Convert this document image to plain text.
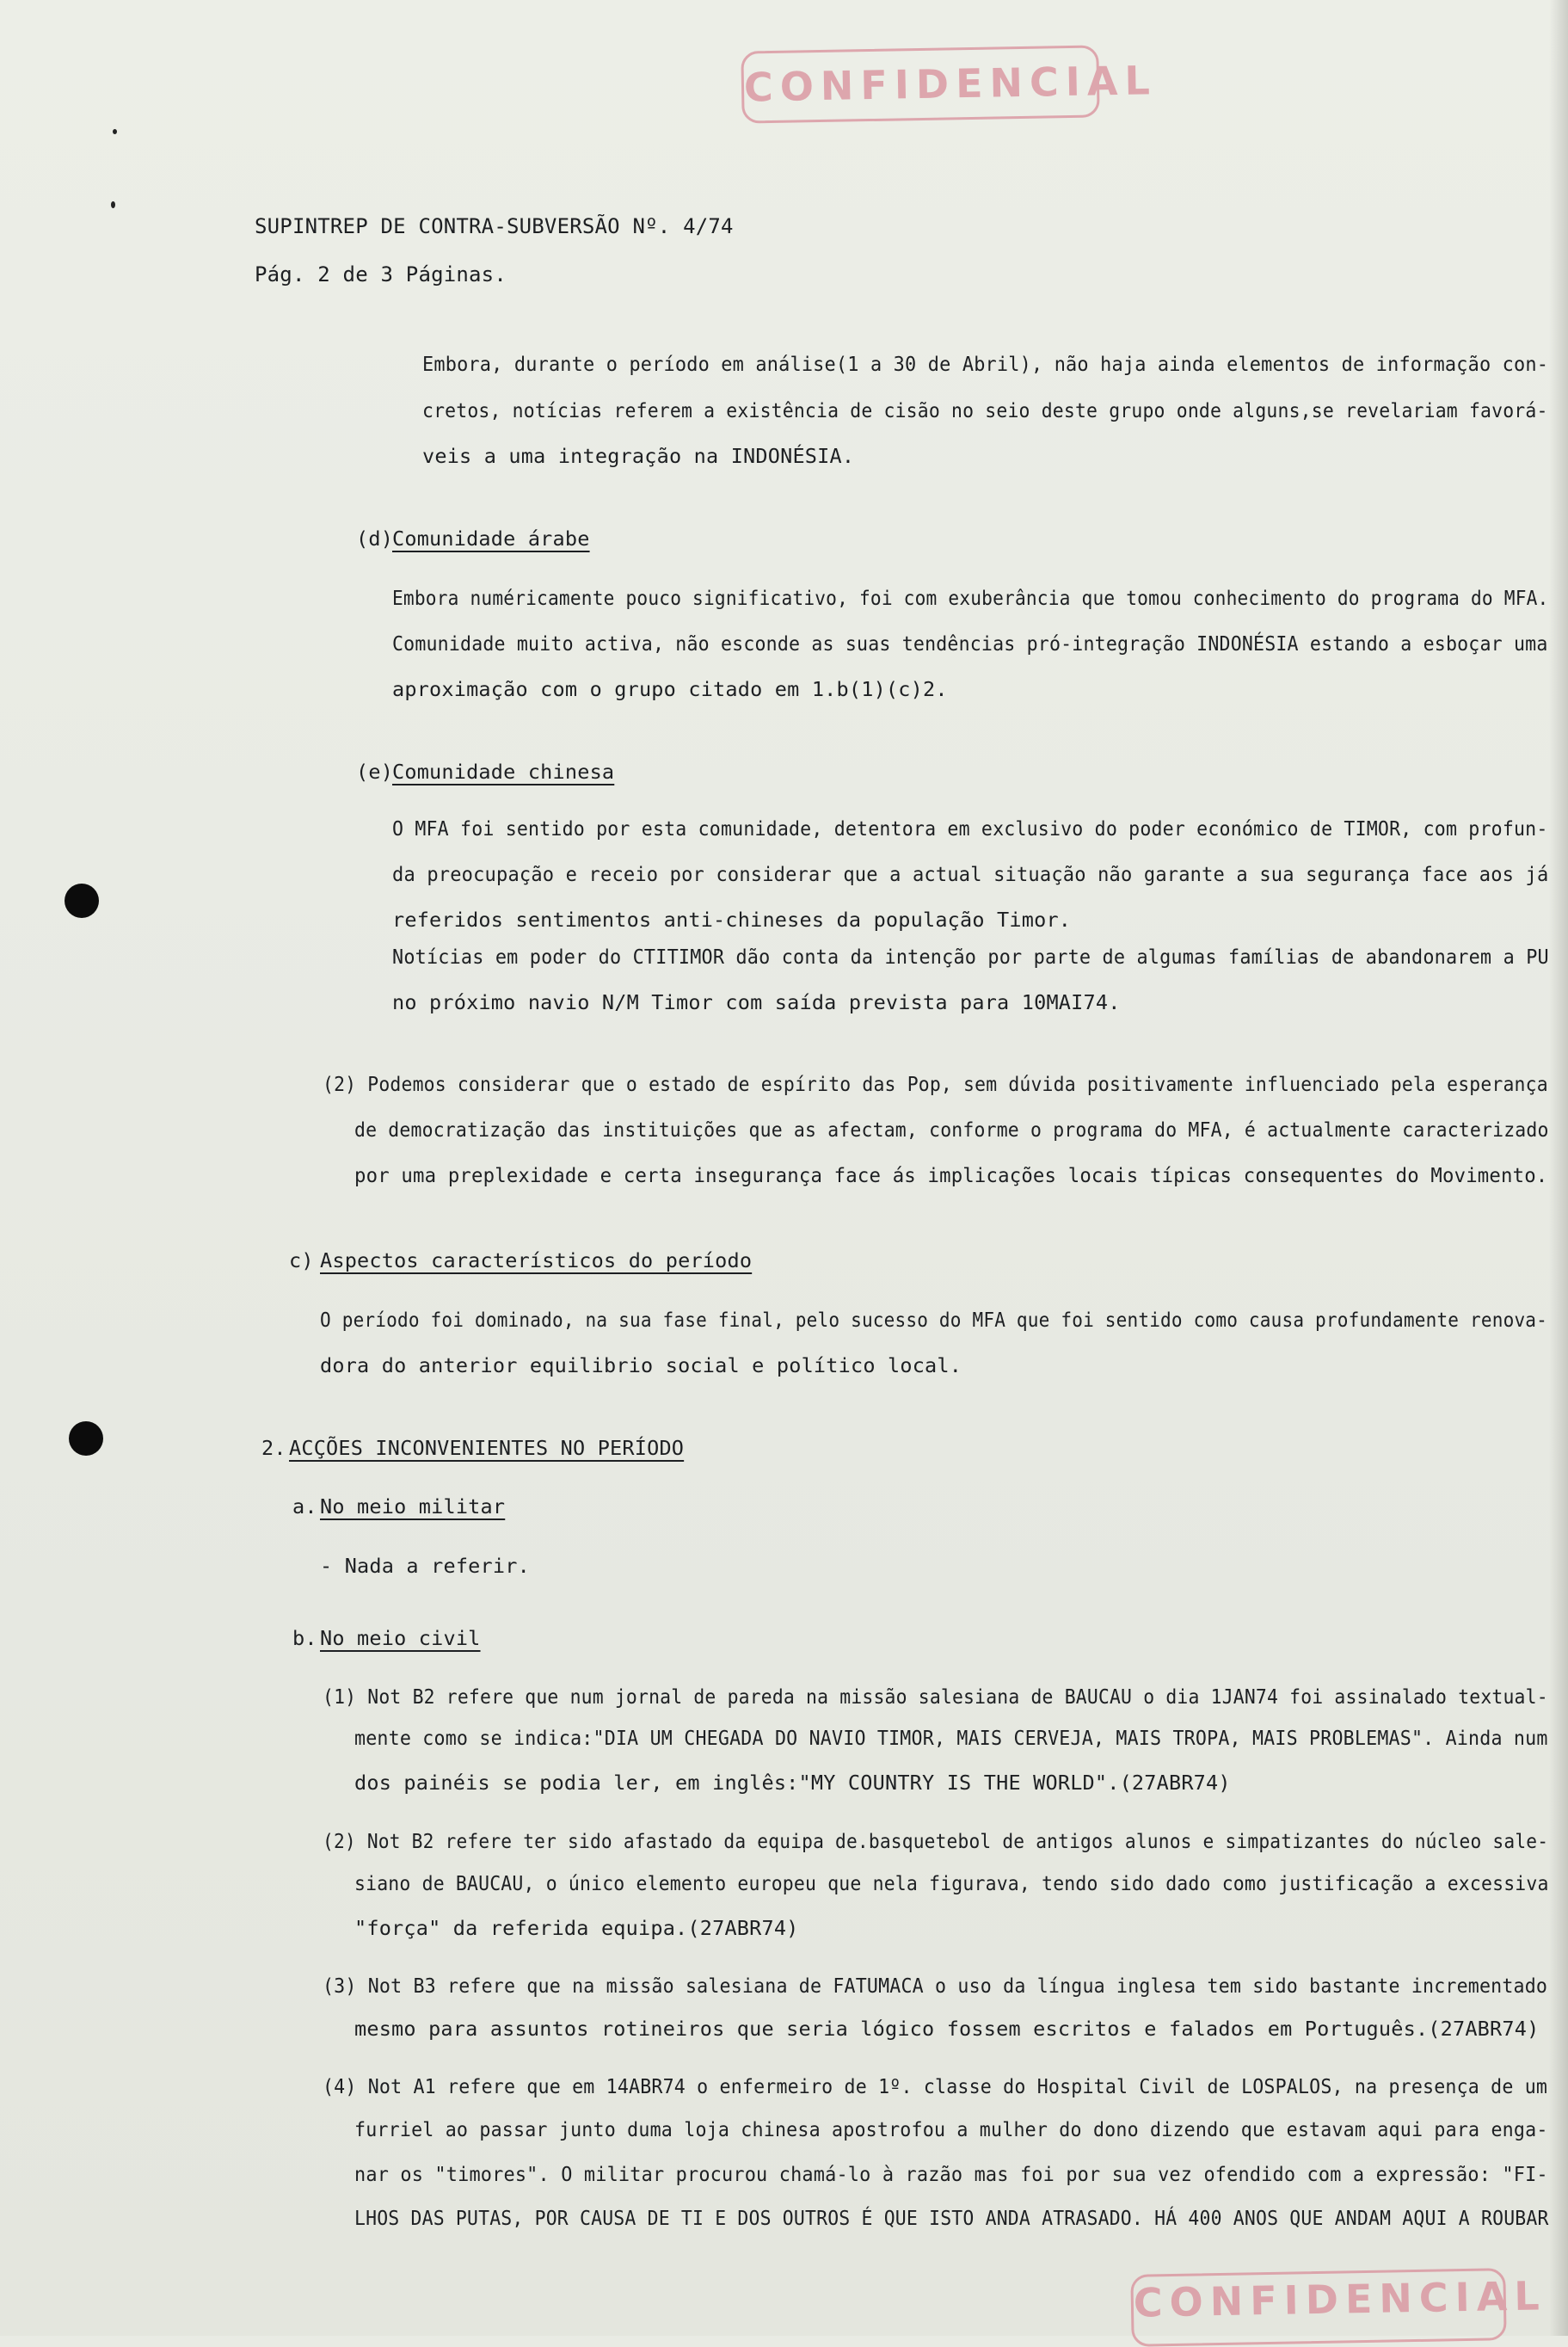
CONFIDENCIAL
SUPINTREP DE CONTRA-SUBVERSÃO Nº. 4/74
Pág. 2 de 3 Páginas.
Embora, durante o período em análise(1 a 30 de Abril), não haja ainda elementos de informação con-
cretos, notícias referem a existência de cisão no seio deste grupo onde alguns,se revelariam favorá-
veis a uma integração na INDONÉSIA.
(d)
Comunidade árabe
Embora numéricamente pouco significativo, foi com exuberância que tomou conhecimento do programa do MFA.
Comunidade muito activa, não esconde as suas tendências pró-integração INDONÉSIA estando a esboçar uma
aproximação com o grupo citado em 1.b(1)(c)2.
(e)
Comunidade chinesa
O MFA foi sentido por esta comunidade, detentora em exclusivo do poder económico de TIMOR, com profun-
da preocupação e receio por considerar que a actual situação não garante a sua segurança face aos já
referidos sentimentos anti-chineses da população Timor.
Notícias em poder do CTITIMOR dão conta da intenção por parte de algumas famílias de abandonarem a PU
no próximo navio N/M Timor com saída prevista para 10MAI74.
(2) Podemos considerar que o estado de espírito das Pop, sem dúvida positivamente influenciado pela esperança
de democratização das instituições que as afectam, conforme o programa do MFA, é actualmente caracterizado
por uma preplexidade e certa insegurança face ás implicações locais típicas consequentes do Movimento.
c) Aspectos característicos do período
O período foi dominado, na sua fase final, pelo sucesso do MFA que foi sentido como causa profundamente renova-
dora do anterior equilibrio social e político local.
2. ACÇÕES INCONVENIENTES NO PERÍODO
a. No meio militar
- Nada a referir.
b. No meio civil
(1) Not B2 refere que num jornal de pareda na missão salesiana de BAUCAU o dia 1JAN74 foi assinalado textual-
mente como se indica:"DIA UM CHEGADA DO NAVIO TIMOR, MAIS CERVEJA, MAIS TROPA, MAIS PROBLEMAS". Ainda num
dos painéis se podia ler, em inglês:"MY COUNTRY IS THE WORLD".(27ABR74)
(2) Not B2 refere ter sido afastado da equipa de.basquetebol de antigos alunos e simpatizantes do núcleo sale-
siano de BAUCAU, o único elemento europeu que nela figurava, tendo sido dado como justificação a excessiva
"força" da referida equipa.(27ABR74)
(3) Not B3 refere que na missão salesiana de FATUMACA o uso da língua inglesa tem sido bastante incrementado
mesmo para assuntos rotineiros que seria lógico fossem escritos e falados em Português.(27ABR74)
(4) Not A1 refere que em 14ABR74 o enfermeiro de 1º. classe do Hospital Civil de LOSPALOS, na presença de um
furriel ao passar junto duma loja chinesa apostrofou a mulher do dono dizendo que estavam aqui para enga-
nar os "timores". O militar procurou chamá-lo à razão mas foi por sua vez ofendido com a expressão: "FI-
LHOS DAS PUTAS, POR CAUSA DE TI E DOS OUTROS É QUE ISTO ANDA ATRASADO. HÁ 400 ANOS QUE ANDAM AQUI A ROUBAR
CONFIDENCIAL
